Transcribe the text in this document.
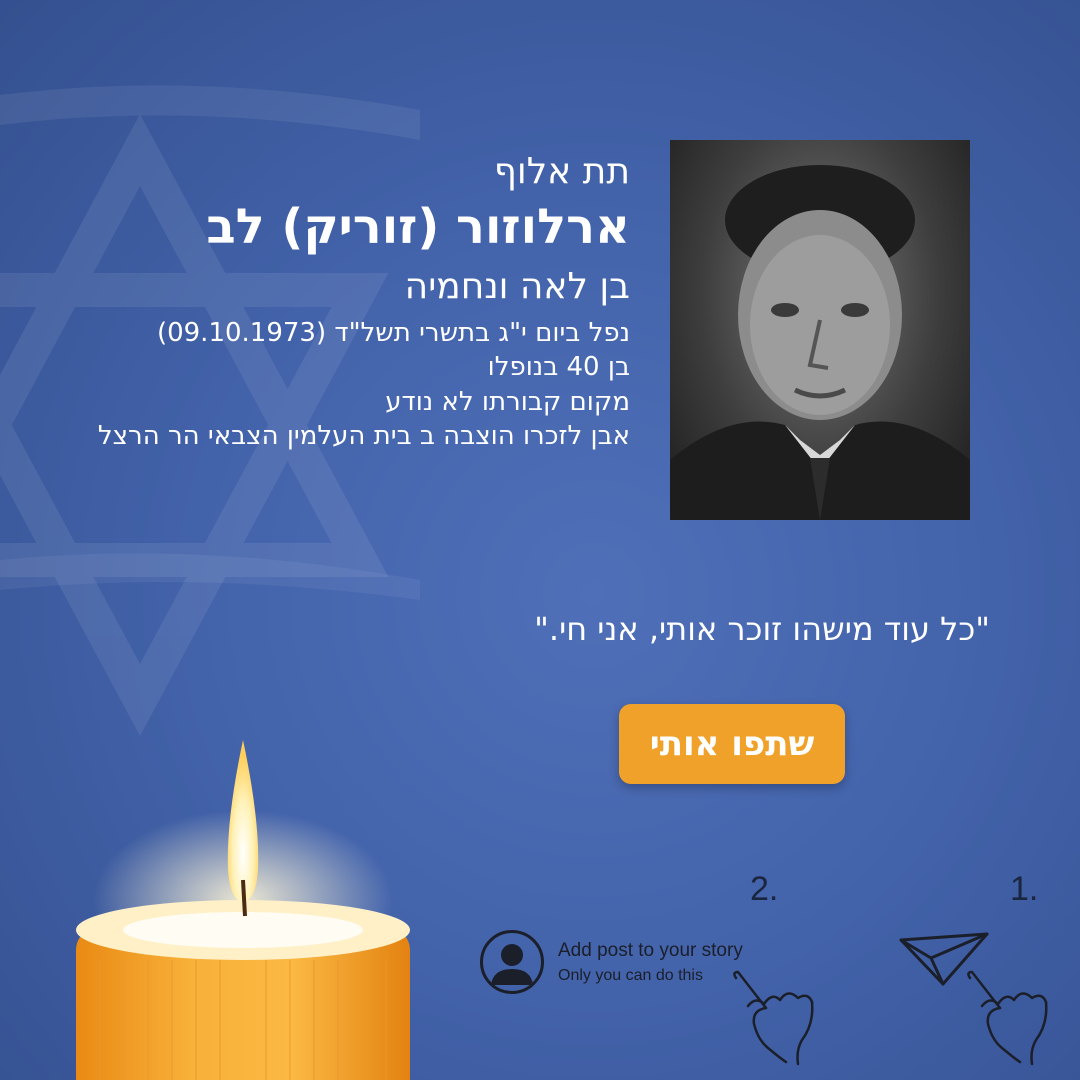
תת אלוף
ארלוזור (זוריק) לב
בן לאה ונחמיה

נפל ביום י"ג בתשרי תשל"ד (09.10.1973)

בן 40 בנופלו

מקום קבורתו לא נודע

אבן לזכרו הוצבה ב בית העלמין הצבאי הר הרצל

"כל עוד מישהו זוכר אותי, אני חי."
שתפו אותי
1.
2.
Add post to your story
Only you can do this
